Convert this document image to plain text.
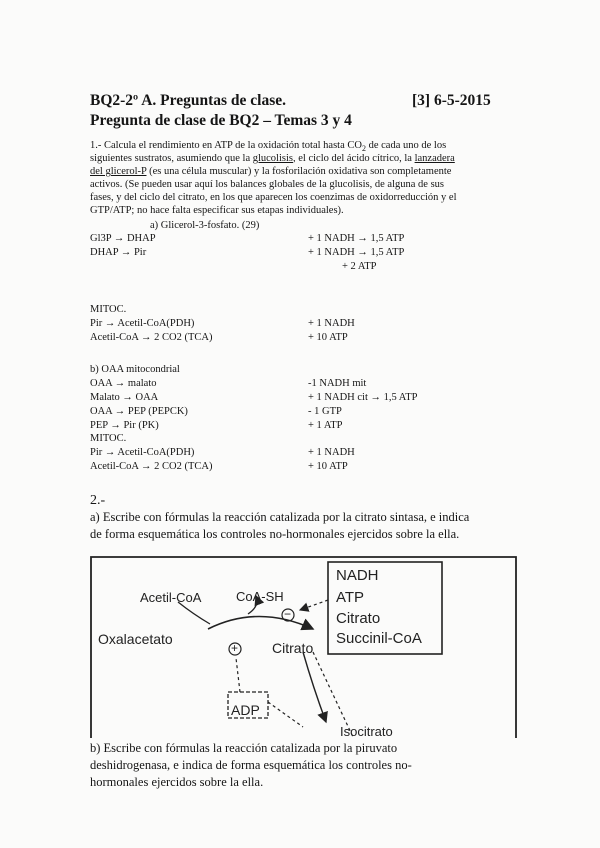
BQ2-2º A. Preguntas de clase.	[3] 6-5-2015
Pregunta de clase de BQ2 – Temas 3 y 4
1.- Calcula el rendimiento en ATP de la oxidación total hasta $CO_2$ de cada uno de los
siguientes sustratos, asumiendo que la glucolisis, el ciclo del ácido cítrico, la lanzadera
del glicerol-P (es una célula muscular) y la fosforilación oxidativa son completamente
activos. (Se pueden usar aquí los balances globales de la glucolisis, de alguna de sus
fases, y del ciclo del citrato, en los que aparecen los coenzimas de oxidorreducción y el
GTP/ATP; no hace falta especificar sus etapas individuales).
a) Glicerol-3-fosfato. (29)
Gl3P → DHAP	+ 1 NADH → 1,5 ATP
DHAP → Pir	+ 1 NADH → 1,5 ATP
+ 2 ATP
MITOC.
Pir → Acetil-CoA(PDH)	+ 1 NADH
Acetil-CoA → 2 CO2 (TCA)	+ 10 ATP
b) OAA mitocondrial
OAA → malato	-1 NADH mit
Malato → OAA	+ 1 NADH cit → 1,5 ATP
OAA → PEP (PEPCK)	- 1 GTP
PEP → Pir (PK)	+ 1 ATP
MITOC.
Pir → Acetil-CoA(PDH)	+ 1 NADH
Acetil-CoA → 2 CO2 (TCA)	+ 10 ATP
2.-
a) Escribe con fórmulas la reacción catalizada por la citrato sintasa, e indica
de forma esquemática los controles no-hormonales ejercidos sobre la ella.
Acetil-CoA	CoA-SH
Oxalacetato
Citrato
Isocitrato
ADP
−
+
NADH
ATP
Citrato
Succinil-CoA
b) Escribe con fórmulas la reacción catalizada por la piruvato
deshidrogenasa, e indica de forma esquemática los controles no-
hormonales ejercidos sobre la ella.
